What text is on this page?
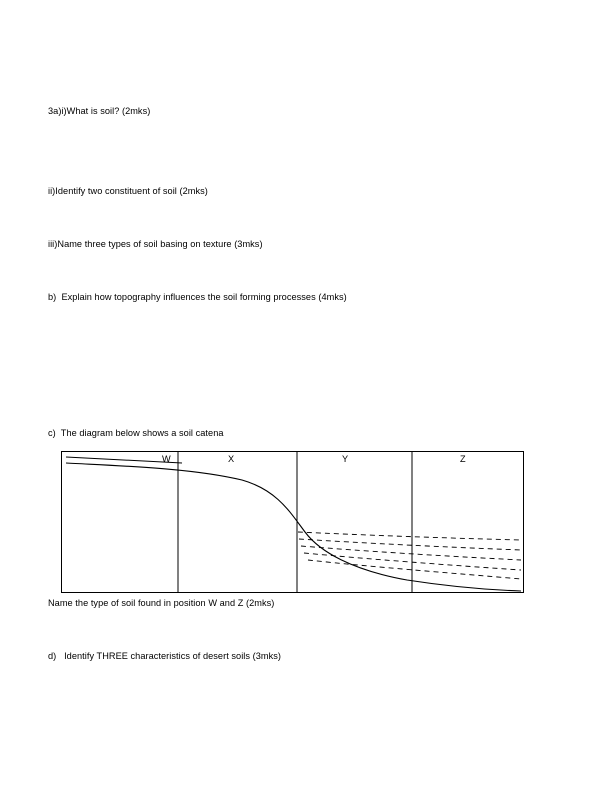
3a)i)What is soil? (2mks)
ii)Identify two constituent of soil (2mks)
iii)Name three types of soil basing on texture (3mks)
b)  Explain how topography influences the soil forming processes (4mks)
c)  The diagram below shows a soil catena
W	X	Y	Z
Name the type of soil found in position W and Z (2mks)
d)   Identify THREE characteristics of desert soils (3mks)
